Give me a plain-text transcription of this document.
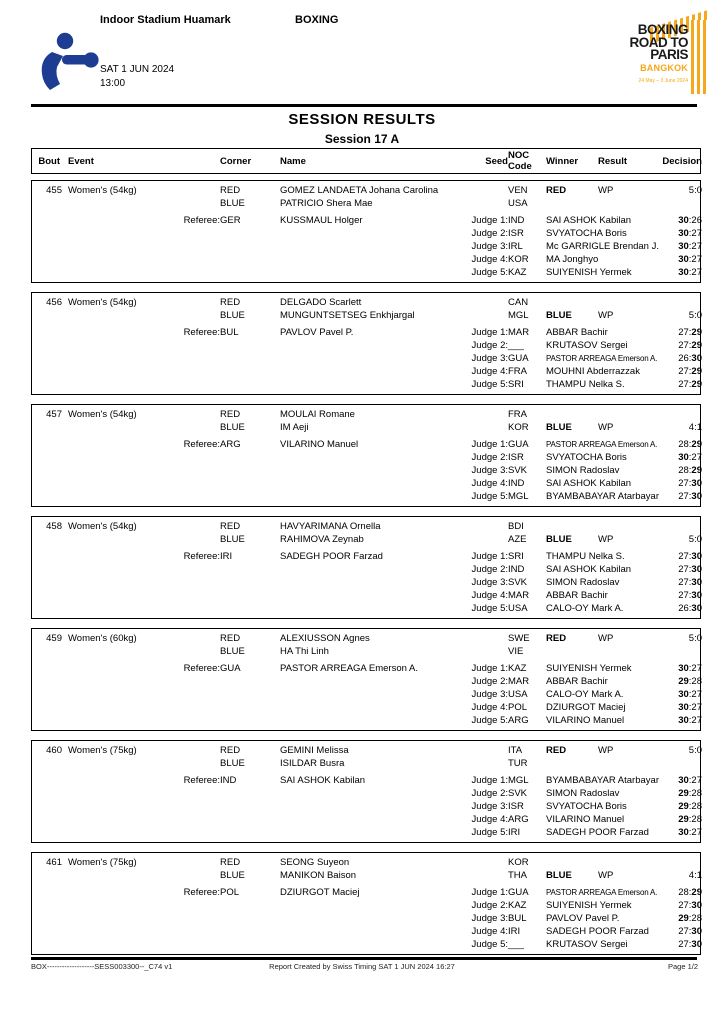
Indoor Stadium Huamark	BOXING
SAT 1 JUN 2024
13:00
BOXING
ROAD TO
PARIS
BANGKOK
24 May – 3 June 2024
SESSION RESULTS
Session 17 A
Bout Event	Corner	Name	Seed NOC
Code	Winner	Result	Decision
455 Women's (54kg)	RED	GOMEZ LANDAETA Johana Carolina	VEN	RED	WP	5:0
BLUE	PATRICIO Shera Mae	USA
Referee: GER	KUSSMAUL Holger	Judge 1: IND	SAI ASHOK Kabilan	30:26
Judge 2: ISR	SVYATOCHA Boris	30:27
Judge 3: IRL	Mc GARRIGLE Brendan J.	30:27
Judge 4: KOR	MA Jonghyo	30:27
Judge 5: KAZ	SUIYENISH Yermek	30:27
456 Women's (54kg)	RED	DELGADO Scarlett	CAN
BLUE	MUNGUNTSETSEG Enkhjargal	MGL	BLUE	WP	5:0
Referee: BUL	PAVLOV Pavel P.	Judge 1: MAR	ABBAR Bachir	27:29
Judge 2: ___	KRUTASOV Sergei	27:29
Judge 3: GUA	PASTOR ARREAGA Emerson A.	26:30
Judge 4: FRA	MOUHNI Abderrazzak	27:29
Judge 5: SRI	THAMPU Nelka S.	27:29
457 Women's (54kg)	RED	MOULAI Romane	FRA
BLUE	IM Aeji	KOR	BLUE	WP	4:1
Referee: ARG	VILARINO Manuel	Judge 1: GUA	PASTOR ARREAGA Emerson A.	28:29
Judge 2: ISR	SVYATOCHA Boris	30:27
Judge 3: SVK	SIMON Radoslav	28:29
Judge 4: IND	SAI ASHOK Kabilan	27:30
Judge 5: MGL	BYAMBABAYAR Atarbayar	27:30
458 Women's (54kg)	RED	HAVYARIMANA Ornella	BDI
BLUE	RAHIMOVA Zeynab	AZE	BLUE	WP	5:0
Referee: IRI	SADEGH POOR Farzad	Judge 1: SRI	THAMPU Nelka S.	27:30
Judge 2: IND	SAI ASHOK Kabilan	27:30
Judge 3: SVK	SIMON Radoslav	27:30
Judge 4: MAR	ABBAR Bachir	27:30
Judge 5: USA	CALO-OY Mark A.	26:30
459 Women's (60kg)	RED	ALEXIUSSON Agnes	SWE	RED	WP	5:0
BLUE	HA Thi Linh	VIE
Referee: GUA	PASTOR ARREAGA Emerson A.	Judge 1: KAZ	SUIYENISH Yermek	30:27
Judge 2: MAR	ABBAR Bachir	29:28
Judge 3: USA	CALO-OY Mark A.	30:27
Judge 4: POL	DZIURGOT Maciej	30:27
Judge 5: ARG	VILARINO Manuel	30:27
460 Women's (75kg)	RED	GEMINI Melissa	ITA	RED	WP	5:0
BLUE	ISILDAR Busra	TUR
Referee: IND	SAI ASHOK Kabilan	Judge 1: MGL	BYAMBABAYAR Atarbayar	30:27
Judge 2: SVK	SIMON Radoslav	29:28
Judge 3: ISR	SVYATOCHA Boris	29:28
Judge 4: ARG	VILARINO Manuel	29:28
Judge 5: IRI	SADEGH POOR Farzad	30:27
461 Women's (75kg)	RED	SEONG Suyeon	KOR
BLUE	MANIKON Baison	THA	BLUE	WP	4:1
Referee: POL	DZIURGOT Maciej	Judge 1: GUA	PASTOR ARREAGA Emerson A.	28:29
Judge 2: KAZ	SUIYENISH Yermek	27:30
Judge 3: BUL	PAVLOV Pavel P.	29:28
Judge 4: IRI	SADEGH POOR Farzad	27:30
Judge 5: ___	KRUTASOV Sergei	27:30
BOX-------------------SESS003300--_C74 v1	Report Created by Swiss Timing SAT 1 JUN 2024 16:27	Page 1/2
